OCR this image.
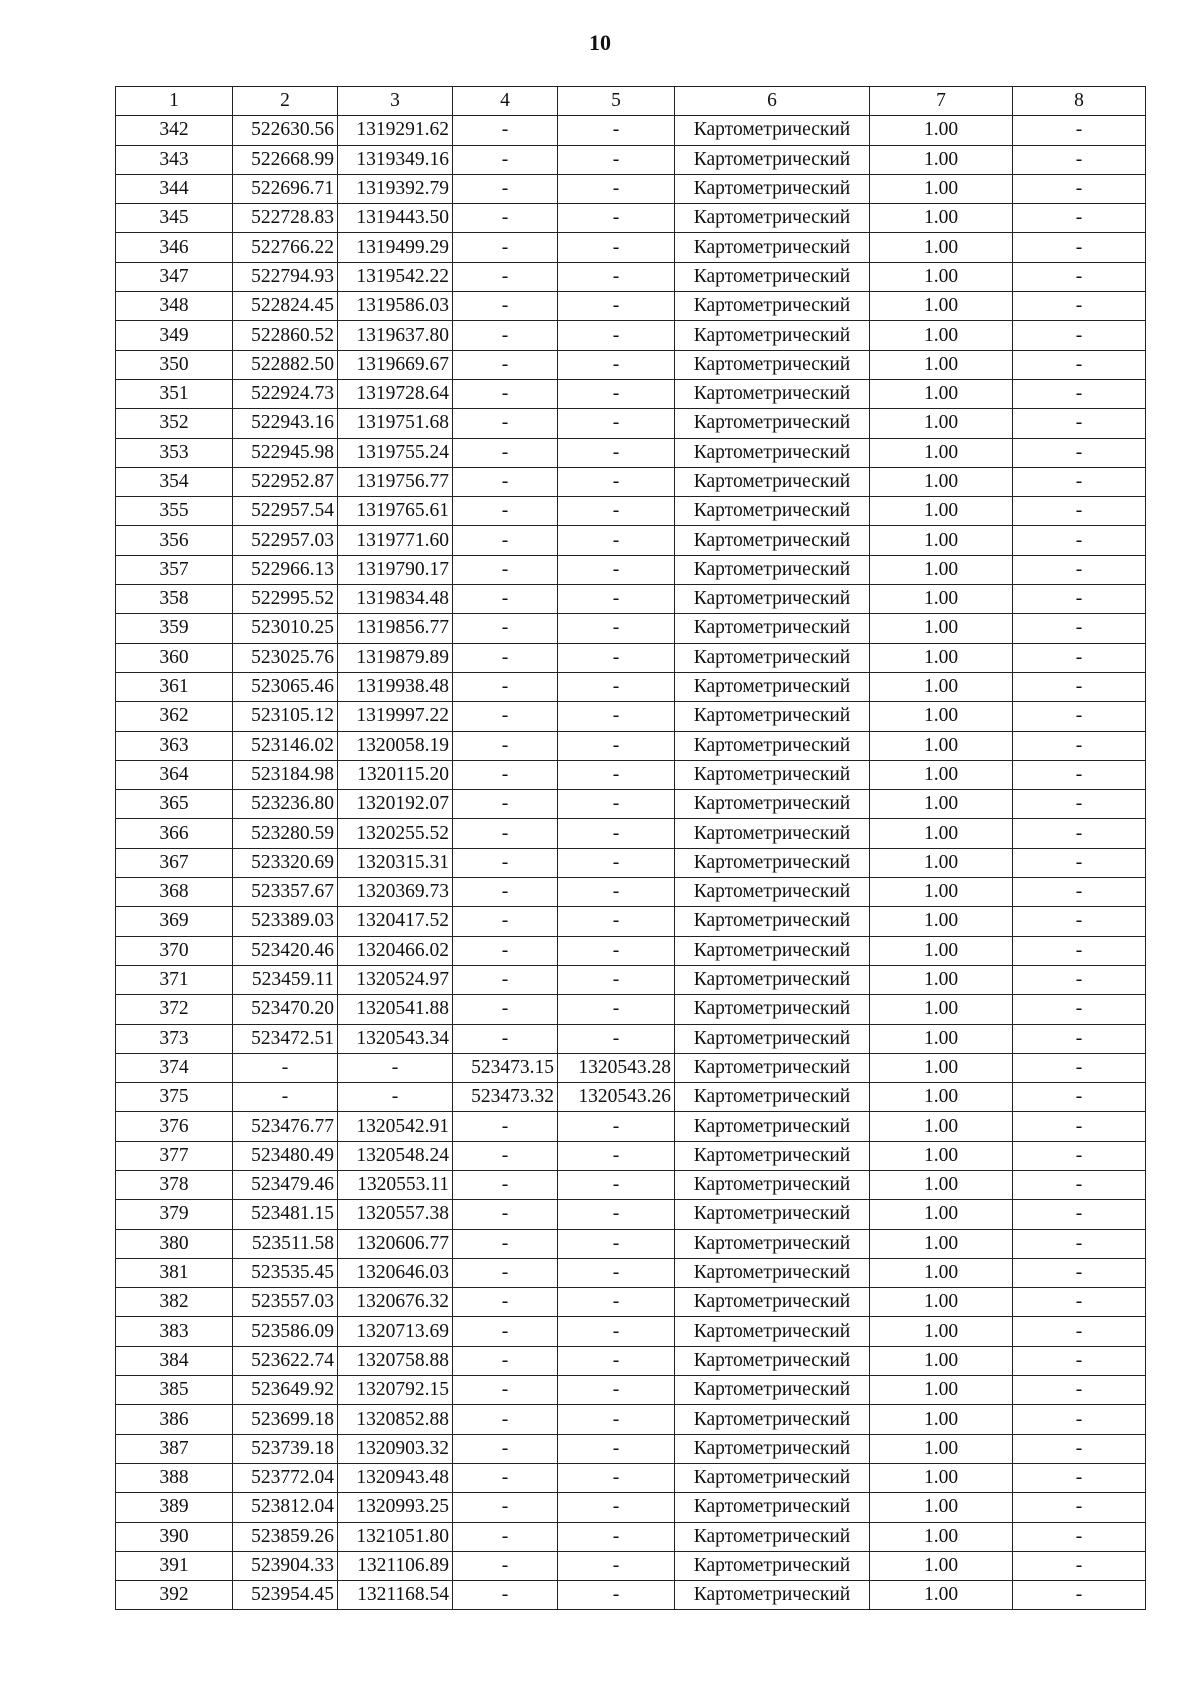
10
1	2	3	4	5	6	7	8
342	522630.56	1319291.62	-	-	Картометрический	1.00	-
343	522668.99	1319349.16	-	-	Картометрический	1.00	-
344	522696.71	1319392.79	-	-	Картометрический	1.00	-
345	522728.83	1319443.50	-	-	Картометрический	1.00	-
346	522766.22	1319499.29	-	-	Картометрический	1.00	-
347	522794.93	1319542.22	-	-	Картометрический	1.00	-
348	522824.45	1319586.03	-	-	Картометрический	1.00	-
349	522860.52	1319637.80	-	-	Картометрический	1.00	-
350	522882.50	1319669.67	-	-	Картометрический	1.00	-
351	522924.73	1319728.64	-	-	Картометрический	1.00	-
352	522943.16	1319751.68	-	-	Картометрический	1.00	-
353	522945.98	1319755.24	-	-	Картометрический	1.00	-
354	522952.87	1319756.77	-	-	Картометрический	1.00	-
355	522957.54	1319765.61	-	-	Картометрический	1.00	-
356	522957.03	1319771.60	-	-	Картометрический	1.00	-
357	522966.13	1319790.17	-	-	Картометрический	1.00	-
358	522995.52	1319834.48	-	-	Картометрический	1.00	-
359	523010.25	1319856.77	-	-	Картометрический	1.00	-
360	523025.76	1319879.89	-	-	Картометрический	1.00	-
361	523065.46	1319938.48	-	-	Картометрический	1.00	-
362	523105.12	1319997.22	-	-	Картометрический	1.00	-
363	523146.02	1320058.19	-	-	Картометрический	1.00	-
364	523184.98	1320115.20	-	-	Картометрический	1.00	-
365	523236.80	1320192.07	-	-	Картометрический	1.00	-
366	523280.59	1320255.52	-	-	Картометрический	1.00	-
367	523320.69	1320315.31	-	-	Картометрический	1.00	-
368	523357.67	1320369.73	-	-	Картометрический	1.00	-
369	523389.03	1320417.52	-	-	Картометрический	1.00	-
370	523420.46	1320466.02	-	-	Картометрический	1.00	-
371	523459.11	1320524.97	-	-	Картометрический	1.00	-
372	523470.20	1320541.88	-	-	Картометрический	1.00	-
373	523472.51	1320543.34	-	-	Картометрический	1.00	-
374	-	-	523473.15	1320543.28	Картометрический	1.00	-
375	-	-	523473.32	1320543.26	Картометрический	1.00	-
376	523476.77	1320542.91	-	-	Картометрический	1.00	-
377	523480.49	1320548.24	-	-	Картометрический	1.00	-
378	523479.46	1320553.11	-	-	Картометрический	1.00	-
379	523481.15	1320557.38	-	-	Картометрический	1.00	-
380	523511.58	1320606.77	-	-	Картометрический	1.00	-
381	523535.45	1320646.03	-	-	Картометрический	1.00	-
382	523557.03	1320676.32	-	-	Картометрический	1.00	-
383	523586.09	1320713.69	-	-	Картометрический	1.00	-
384	523622.74	1320758.88	-	-	Картометрический	1.00	-
385	523649.92	1320792.15	-	-	Картометрический	1.00	-
386	523699.18	1320852.88	-	-	Картометрический	1.00	-
387	523739.18	1320903.32	-	-	Картометрический	1.00	-
388	523772.04	1320943.48	-	-	Картометрический	1.00	-
389	523812.04	1320993.25	-	-	Картометрический	1.00	-
390	523859.26	1321051.80	-	-	Картометрический	1.00	-
391	523904.33	1321106.89	-	-	Картометрический	1.00	-
392	523954.45	1321168.54	-	-	Картометрический	1.00	-
